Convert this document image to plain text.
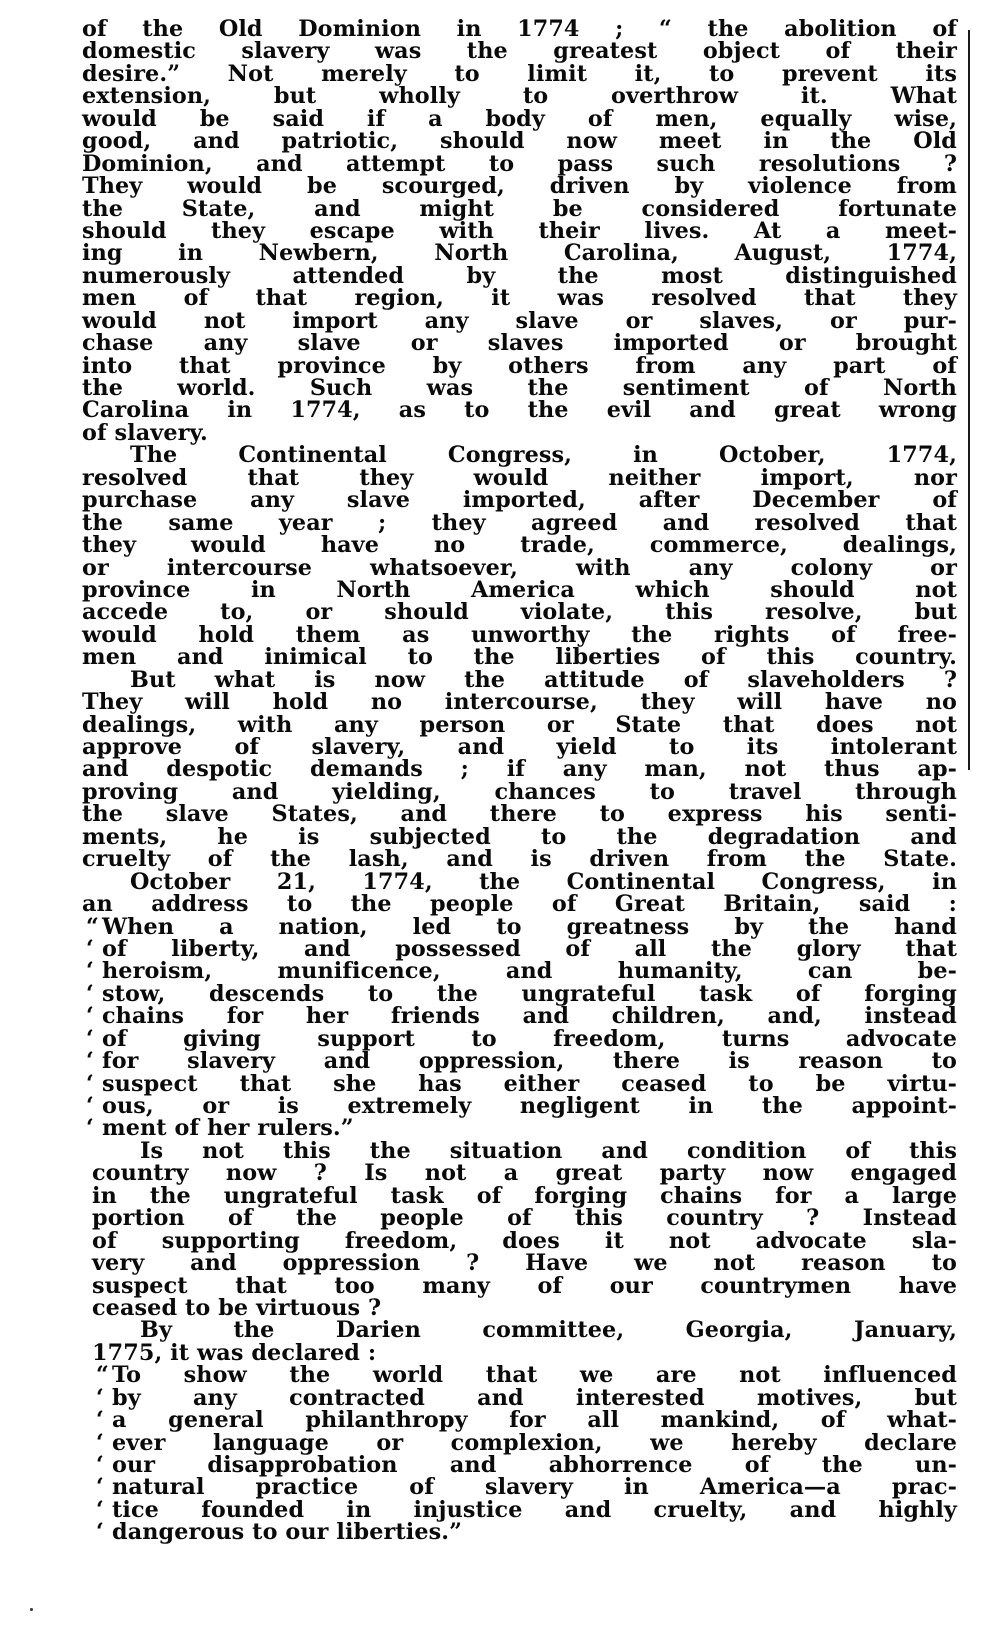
of the Old Dominion in 1774 ; “ the abolition of
domestic slavery was the greatest object of their
desire.” Not merely to limit it, to prevent its
extension, but wholly to overthrow it. What
would be said if a body of men, equally wise,
good, and patriotic, should now meet in the Old
Dominion, and attempt to pass such resolutions ?
They would be scourged, driven by violence from
the State, and might be considered fortunate
should they escape with their lives. At a meet-
ing in Newbern, North Carolina, August, 1774,
numerously attended by the most distinguished
men of that region, it was resolved that they
would not import any slave or slaves, or pur-
chase any slave or slaves imported or brought
into that province by others from any part of
the world. Such was the sentiment of North
Carolina in 1774, as to the evil and great wrong
of slavery.
The Continental Congress, in October, 1774,
resolved that they would neither import, nor
purchase any slave imported, after December of
the same year ; they agreed and resolved that
they would have no trade, commerce, dealings,
or intercourse whatsoever, with any colony or
province in North America which should not
accede to, or should violate, this resolve, but
would hold them as unworthy the rights of free-
men and inimical to the liberties of this country.
But what is now the attitude of slaveholders ?
They will hold no intercourse, they will have no
dealings, with any person or State that does not
approve of slavery, and yield to its intolerant
and despotic demands ; if any man, not thus ap-
proving and yielding, chances to travel through
the slave States, and there to express his senti-
ments, he is subjected to the degradation and
cruelty of the lash, and is driven from the State.
October 21, 1774, the Continental Congress, in
an address to the people of Great Britain, said :
“ When a nation, led to greatness by the hand
‘ of liberty, and possessed of all the glory that
‘ heroism, munificence, and humanity, can be-
‘ stow, descends to the ungrateful task of forging
‘ chains for her friends and children, and, instead
‘ of giving support to freedom, turns advocate
‘ for slavery and oppression, there is reason to
‘ suspect that she has either ceased to be virtu-
‘ ous, or is extremely negligent in the appoint-
‘ ment of her rulers.”
Is not this the situation and condition of this
country now ? Is not a great party now engaged
in the ungrateful task of forging chains for a large
portion of the people of this country ? Instead
of supporting freedom, does it not advocate sla-
very and oppression ? Have we not reason to
suspect that too many of our countrymen have
ceased to be virtuous ?
By the Darien committee, Georgia, January,
1775, it was declared :
“ To show the world that we are not influenced
‘ by any contracted and interested motives, but
‘ a general philanthropy for all mankind, of what-
‘ ever language or complexion, we hereby declare
‘ our disapprobation and abhorrence of the un-
‘ natural practice of slavery in America—a prac-
‘ tice founded in injustice and cruelty, and highly
‘ dangerous to our liberties.”
